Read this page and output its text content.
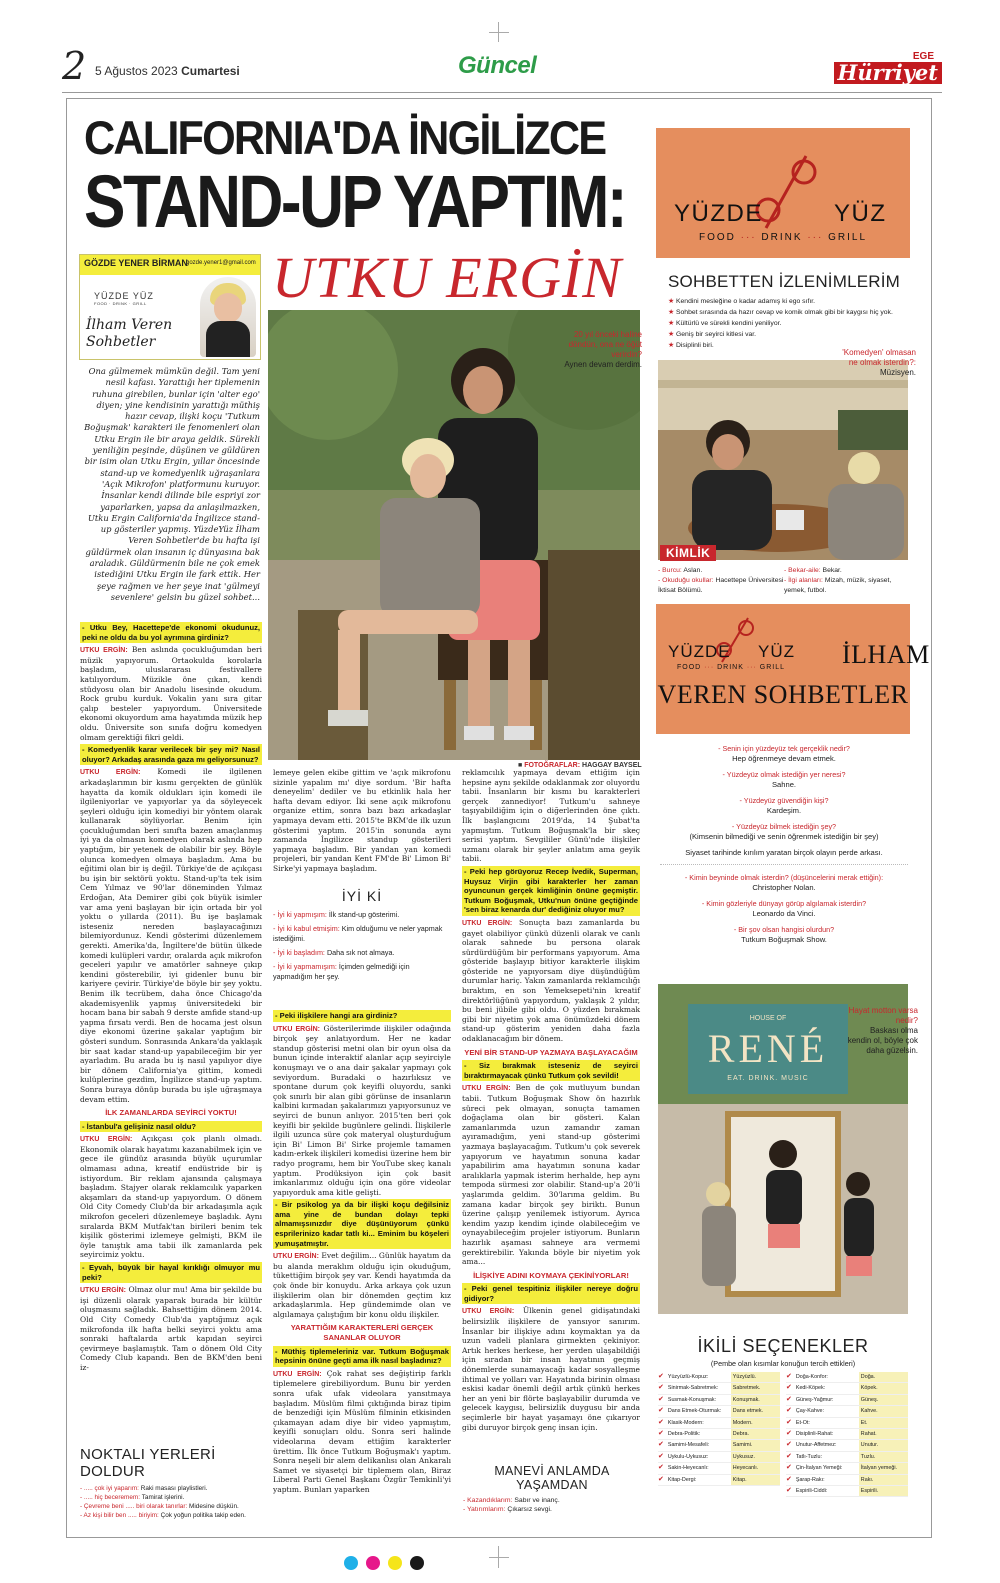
2 5 Ağustos 2023 Cumartesi	Güncel	EGE
Hürriyet
CALIFORNIA'DA İNGİLİZCE
STAND-UP YAPTIM:
UTKU ERGİN
GÖZDE YENER BİRMAN
gozde.yener1@gmail.com
YÜZDE YÜZ
FOOD · DRINK · GRILL
İlham Veren
Sohbetler
Ona gülmemek mümkün değil. Tam yeni nesil kafası. Yarattığı her tiplemenin ruhuna girebilen, bunlar için 'alter ego' diyen; yine kendisinin yarattığı müthiş hazır cevap, ilişki koçu 'Tutkum Boğuşmak' karakteri ile fenomenleri olan Utku Ergin ile bir araya geldik. Sürekli yeniliğin peşinde, düşünen ve güldüren bir isim olan Utku Ergin, yıllar öncesinde stand-up ve komedyenlik uğraşanlara 'Açık Mikrofon' platformunu kuruyor. İnsanlar kendi dilinde bile espriyi zor yaparlarken, yapsa da anlaşılmazken, Utku Ergin California'da İngilizce stand-up gösteriler yapmış. YüzdeYüz İlham Veren Sohbetler'de bu hafta işi güldürmek olan insanın iç dünyasına bak araladık. Güldürmenin bile ne çok emek istediğini Utku Ergin ile fark ettik. Her şeye rağmen ve her şeye inat 'gülmeyi sevenlere' gelsin bu güzel sohbet...
■ FOTOĞRAFLAR: HAGGAY BAYSEL
20 yıl önceki haline döndün, ona ne öğüt verirdin?
Aynen devam derdim.
- Utku Bey, Hacettepe'de ekonomi okudunuz, peki ne oldu da bu yol ayrımına girdiniz?
UTKU ERGİN: Ben aslında çocukluğumdan beri müzik yapıyorum. Ortaokulda korolarla başladım, uluslararası festivallere katılıyordum. Müzikle öne çıkan, kendi stüdyosu olan bir Anadolu lisesinde okudum. Rock grubu kurduk. Vokalin yanı sıra gitar çalıp besteler yapıyordum. Üniversitede ekonomi okuyordum ama hayatımda müzik hep oldu. Üniversite son sınıfa doğru komedyen olmam gerektiği fikri geldi.
- Komedyenlik karar verilecek bir şey mi? Nasıl oluyor? Arkadaş arasında gaza mı geliyorsunuz?
UTKU ERGİN: Komedi ile ilgilenen arkadaşlarımın bir kısmı gerçekten de günlük hayatta da komik oldukları için komedi ile ilgileniyorlar ve yapıyorlar ya da söyleyecek şeyleri olduğu için komediyi bir yöntem olarak kullanarak söylüyorlar. Benim için çocukluğumdan beri sınıfta bazen amaçlanmış iyi ya da olmasın komedyen olarak aslında hep yaptığım, bir yetenek de olabilir bir şey. Böyle olunca komedyen olmaya başladım. Ama bu eğitimi olan bir iş değil. Türkiye'de de açıkçası bu işin bir sektörü yoktu. Stand-up'ta tek isim Cem Yılmaz ve 90'lar döneminden Yılmaz Erdoğan, Ata Demirer gibi çok büyük isimler var ama yeni başlayan bir için ortada bir yol yoktu o yıllarda (2011). Bu işe başlamak isteseniz nereden başlayacağınızı bilemiyordunuz. Kendi gösterimi düzenlemem gerekti. Amerika'da, İngiltere'de bütün ülkede komedi kulüpleri vardır, oralarda açık mikrofon geceleri yapılır ve amatörler sahneye çıkıp kendini gösterebilir, iyi gidenler bunu bir kariyere çevirir. Türkiye'de böyle bir şey yoktu. Benim ilk tecrübem, daha önce Chicago'da akademisyenlik yapmış üniversitedeki bir hocam bana bir sabah 9 derste amfide stand-up yapma fırsatı verdi. Ben de hocama jest olsun diye ekonomi üzerine şakalar yaptığım bir gösteri sundum. Sonrasında Ankara'da yaklaşık bir saat kadar stand-up yapabileceğim bir yer ayarladım. Bu arada bu iş nasıl yapılıyor diye bir dönem California'ya gittim, komedi kulüplerine gezdim, İngilizce stand-up yaptım. Sonra buraya dönüp burada bu işle uğraşmaya devam ettim.
İLK ZAMANLARDA SEYİRCİ YOKTU!
- İstanbul'a gelişiniz nasıl oldu?
UTKU ERGİN: Açıkçası çok planlı olmadı. Ekonomik olarak hayatımı kazanabilmek için ve gece ile gündüz arasında büyük uçurumlar olmaması adına, kreatif endüstride bir iş istiyordum. Bir reklam ajansında çalışmaya başladım. Stajyer olarak reklamcılık yaparken akşamları da stand-up yapıyordum. O dönem Old City Comedy Club'da bir arkadaşımla açık mikrofon geceleri düzenlemeye başladık. Aynı sıralarda BKM Mutfak'tan birileri benim tek kişilik gösterimi izlemeye gelmişti, BKM ile öyle tanıştık ama tabii ilk zamanlarda pek seyircimiz yoktu.
- Eyvah, büyük bir hayal kırıklığı olmuyor mu peki?
UTKU ERGİN: Olmaz olur mu! Ama bir şekilde bu işi düzenli olarak yaparak burada bir kültür oluşmasını sağladık. Bahsettiğim dönem 2014. Old City Comedy Club'da yaptığımız açık mikrofonda ilk hafta belki seyirci yoktu ama sonraki haftalarda artık kapıdan seyirci çevirmeye başlamıştık. Tam o dönem Old City Comedy Club kapandı. Ben de BKM'den beni iz-
lemeye gelen ekibe gittim ve 'açık mikrofonu sizinle yapalım mı' diye sordum. 'Bir hafta deneyelim' dediler ve bu etkinlik hala her hafta devam ediyor. İki sene açık mikrofonu organize ettim, sonra bazı bazı arkadaşlar yapmaya devam etti. 2015'te BKM'de ilk uzun gösterimi yaptım. 2015'in sonunda aynı zamanda İngilizce standup gösterileri yapmaya başladım. Bir yandan yan komedi projeleri, bir yandan Kent FM'de Bi' Limon Bi' Sirke'yi yapmaya başladım.
- Peki ilişkilere hangi ara girdiniz?
UTKU ERGİN: Gösterilerimde ilişkiler odağında birçok şey anlatıyordum. Her ne kadar standup gösterisi metni olan bir oyun olsa da bunun içinde interaktif alanlar açıp seyirciyle konuşmayı ve o ana dair şakalar yapmayı çok seviyordum. Buradaki o hazırlıksız ve spontane durum çok keyifli oluyordu, sanki çok sınırlı bir alan gibi görünse de insanların kalbini kırmadan şakalarımızı yapıyorsunuz ve seyirci de bunun anlıyor. 2015'ten beri çok keyifli bir şekilde bugünlere gelindi. İlişkilerle ilgili uzunca süre çok materyal oluşturduğum için Bi' Limon Bi' Sirke projemle tamamen kadın-erkek ilişkileri komedisi üzerine hem bir radyo programı, hem bir YouTube skeç kanalı yaptım. Prodüksiyon için çok basit imkanlarımız olduğu için ona göre videolar yapıyorduk ama kitle gelişti.
- Bir psikolog ya da bir ilişki koçu değilsiniz ama yine de bundan dolayı tepki almamışsınızdır diye düşünüyorum çünkü esprilerinizo kadar tatlı ki... Eminim bu köşeleri yumuşatmıştır.
UTKU ERGİN: Evet değilim... Günlük hayatım da bu alanda meraklım olduğu için okuduğum, tükettiğim birçok şey var. Kendi hayatımda da çok önde bir konuydu. Arka arkaya çok uzun ilişkilerim olan bir dönemden geçtim kız arkadaşlarımla. Hep gündemimde olan ve algılamaya çalıştığım bir konu oldu ilişkiler.
YARATTIĞIM KARAKTERLERİ GERÇEK SANANLAR OLUYOR
- Müthiş tiplemeleriniz var. Tutkum Boğuşmak hepsinin önüne geçti ama ilk nasıl başladınız?
UTKU ERGİN: Çok rahat ses değiştirip farklı tiplemelere girebiliyordum. Bunu bir yerden sonra ufak ufak videolara yansıtmaya başladım. Müslüm filmi çıktığında biraz tipim de benzediği için Müslüm filminin etkisinden çıkamayan adam diye bir video yapmıştım, keyifli sonuçları oldu. Sonra seri halinde videolarına devam ettiğim karakterler ürettim. İlk önce Tutkum Boğuşmak'ı yaptım. Sonra neşeli bir alem delikanlısı olan Ankaralı Samet ve siyasetçi bir tiplemem olan, Biraz Liberal Parti Genel Başkanı Özgür Temkinli'yi yaptım. Bunları yaparken
reklamcılık yapmaya devam ettiğim için hepsine aynı şekilde odaklanmak zor oluyordu tabii. İnsanların bir kısmı bu karakterleri gerçek zannediyor! Tutkum'u sahneye taşıyabildiğim için o diğerlerinden öne çıktı. İlk başlangıcını 2019'da, 14 Şubat'ta yapmıştım. Tutkum Boğuşmak'la bir skeç serisi yaptım. Sevgililer Günü'nde ilişkiler uzmanı olarak bir şeyler anlatım ama geyik tabii.
- Peki hep görüyoruz Recep İvedik, Superman, Huysuz Virjin gibi karakterler her zaman oyuncunun gerçek kimliğinin önüne geçmiştir. Tutkum Boğuşmak, Utku'nun önüne geçtiğinde 'sen biraz kenarda dur' dediğiniz oluyor mu?
UTKU ERGİN: Sonuçta bazı zamanlarda bu gayet olabiliyor çünkü düzenli olarak ve canlı olarak sahnede bu persona olarak sürdürdüğüm bir performans yapıyorum. Ama gösteride başlayıp bitiyor karakterle ilişkim gösteride ne yapıyorsam diye düşündüğüm durumlar hariç. Yakın zamanlarda reklamcılığı bıraktım, en son Yemeksepeti'nin kreatif direktörlüğünü yapıyordum, yaklaşık 2 yıldır, bu beni jübile gibi oldu. O yüzden bırakmak gibi bir niyetim yok ama önümüzdeki dönem stand-up gösterim yeniden daha fazla odaklanacağım bir dönem.
YENİ BİR STAND-UP YAZMAYA BAŞLAYACAĞIM
- Siz bırakmak isteseniz de seyirci bıraktırmayacak çünkü Tutkum çok sevildi!
UTKU ERGİN: Ben de çok mutluyum bundan tabii. Tutkum Boğuşmak Show ön hazırlık süreci pek olmayan, sonuçta tamamen doğaçlama olan bir gösteri. Kalan zamanlarımda uzun zamandır zaman ayıramadığım, yeni stand-up gösterimi yazmaya başlayacağım. Tutkum'u çok severek yapıyorum ve hayatımın sonuna kadar yapabilirim ama hayatımın sonuna kadar aralıklarla yapmak isterim herhalde, hep aynı tempoda sürmesi zor olabilir. Stand-up'a 20'li yaşlarımda geldim. 30'larıma geldim. Bu zamana kadar birçok şey biriktı. Bunun üzerine çalışıp yenilemek istiyorum. Ayrıca kendim yazıp kendim içinde olabileceğim ve oynayabileceğim projeler istiyorum. Bunların hazırlık aşaması sahneye ara vermemi gerektirebilir. Yakında böyle bir niyetim yok ama...
İLİŞKİYE ADINI KOYMAYA ÇEKİNİYORLAR!
- Peki genel tespitiniz ilişkiler nereye doğru gidiyor?
UTKU ERGİN: Ülkenin genel gidişatındaki belirsizlik ilişkilere de yansıyor sanırım. İnsanlar bir ilişkiye adını koymaktan ya da uzun vadeli planlara girmekten çekiniyor. Artık herkes herkese, her yerden ulaşabildiği için sıradan bir insan hayatının geçmiş dönemlerde sunamayacağı kadar sosyalleşme ihtimal ve yolları var. Hayatında birinin olması eskisi kadar önemli değil artık çünkü herkes her an yeni bir flörte başlayabilir durumda ve gelecek kaygısı, belirsizlik duygusu bir anda seçimlerle bir hayat yaşamayı öne çıkarıyor gibi duruyor birçok genç insan için.
NOKTALI YERLERİ DOLDUR
- ..... çok iyi yaparım: Raki masası playlistleri.
- ..... hiç beceremem: Tamirat işlerini.
- Çevreme beni ..... biri olarak tanırlar: Midesine düşkün.
- Az kişi bilir ben ..... biriyim: Çok yoğun politika takip eden.
İYİ Kİ
- İyi ki yapmışım: İlk stand-up gösterimi.
- İyi ki kabul etmişim: Kim olduğumu ve neler yapmak istediğimi.
- İyi ki başladım: Daha sık not almaya.
- İyi ki yapmamışım: İçimden gelmediği için yapmadığım her şey.
MANEVİ ANLAMDA YAŞAMDAN
- Kazandıklarım: Sabır ve inanç.
- Yatırımlarım: Çıkarsız sevgi.
YÜZDE	YÜZ
FOOD ··· DRINK ··· GRILL
SOHBETTEN İZLENİMLERİM
★ Kendini mesleğine o kadar adamış ki ego sıfır.
★ Sohbet sırasında da hazır cevap ve komik olmak gibi bir kaygısı hiç yok.
★ Kültürlü ve sürekli kendini yeniliyor.
★ Geniş bir seyirci kitlesi var.
★ Disiplinli biri.
KİMLİK
'Komedyen' olmasan ne olmak isterdin?:
Müzisyen.
- Burcu: Aslan.	- Bekar-aile: Bekar.
- Okuduğu okullar: Hacettepe Üniversitesi İktisat Bölümü.
- İlgi alanları: Mizah, müzik, siyaset, yemek, futbol.
YÜZDE YÜZ
FOOD ··· DRINK ··· GRILL	İLHAM
VEREN SOHBETLER
- Senin için yüzdeyüz tek gerçeklik nedir?
Hep öğrenmeye devam etmek.
- Yüzdeyüz olmak istediğin yer neresi?
Sahne.
- Yüzdeyüz güvendiğin kişi?
Kardeşim.
- Yüzdeyüz bilmek istediğin şey?
(Kimsenin bilmediği ve senin öğrenmek istediğin bir şey)
Siyaset tarihinde kırılım yaratan birçok olayın perde arkası.
- Kimin beyninde olmak isterdin? (düşüncelerini merak ettiğin):
Christopher Nolan.
- Kimin gözleriyle dünyayı görüp algılamak isterdin?
Leonardo da Vinci.
- Bir şov olsan hangisi olurdun?
Tutkum Boğuşmak Show.
HOUSE OF
RENÉ
EAT. DRINK. MUSIC
Hayat motton varsa nedir?
Baskası olma kendin ol, böyle çok daha güzelsin.
İKİLİ SEÇENEKLER
(Pembe olan kısımlar konuğun tercih ettikleri)
✔ Yüzyüzlü-Kopuz:	Yüzyüzlü.
✔ Sinirmak-Sabretmek:	Sabretmek.
✔ Susmak-Konuşmak:	Konuşmak.
✔ Dans Etmek-Oturmak:	Dans etmek.
✔ Klasik-Modern:	Modern.
✔ Debra-Politik:	Debra.
✔ Samimi-Mesafeli:	Samimi.
✔ Uykulu-Uykusuz:	Uykusuz.
✔ Sakin-Heyecanlı:	Heyecanlı.
✔ Kitap-Dergi:	Kitap.
✔ Doğa-Konfor:	Doğa.
✔ Kedi-Köpek:	Köpek.
✔ Güneş-Yağmur:	Güneş.
✔ Çay-Kahve:	Kahve.
✔ Et-Ot:	Et.
✔ Disiplinli-Rahat:	Rahat.
✔ Unutur-Affetmez:	Unutur.
✔ Tatlı-Tuzlu:	Tuzlu.
✔ Çin-İtalyan Yemeği:	İtalyan yemeği.
✔ Şarap-Rakı:	Rakı.
✔ Espirili-Ciddi:	Espirili.
